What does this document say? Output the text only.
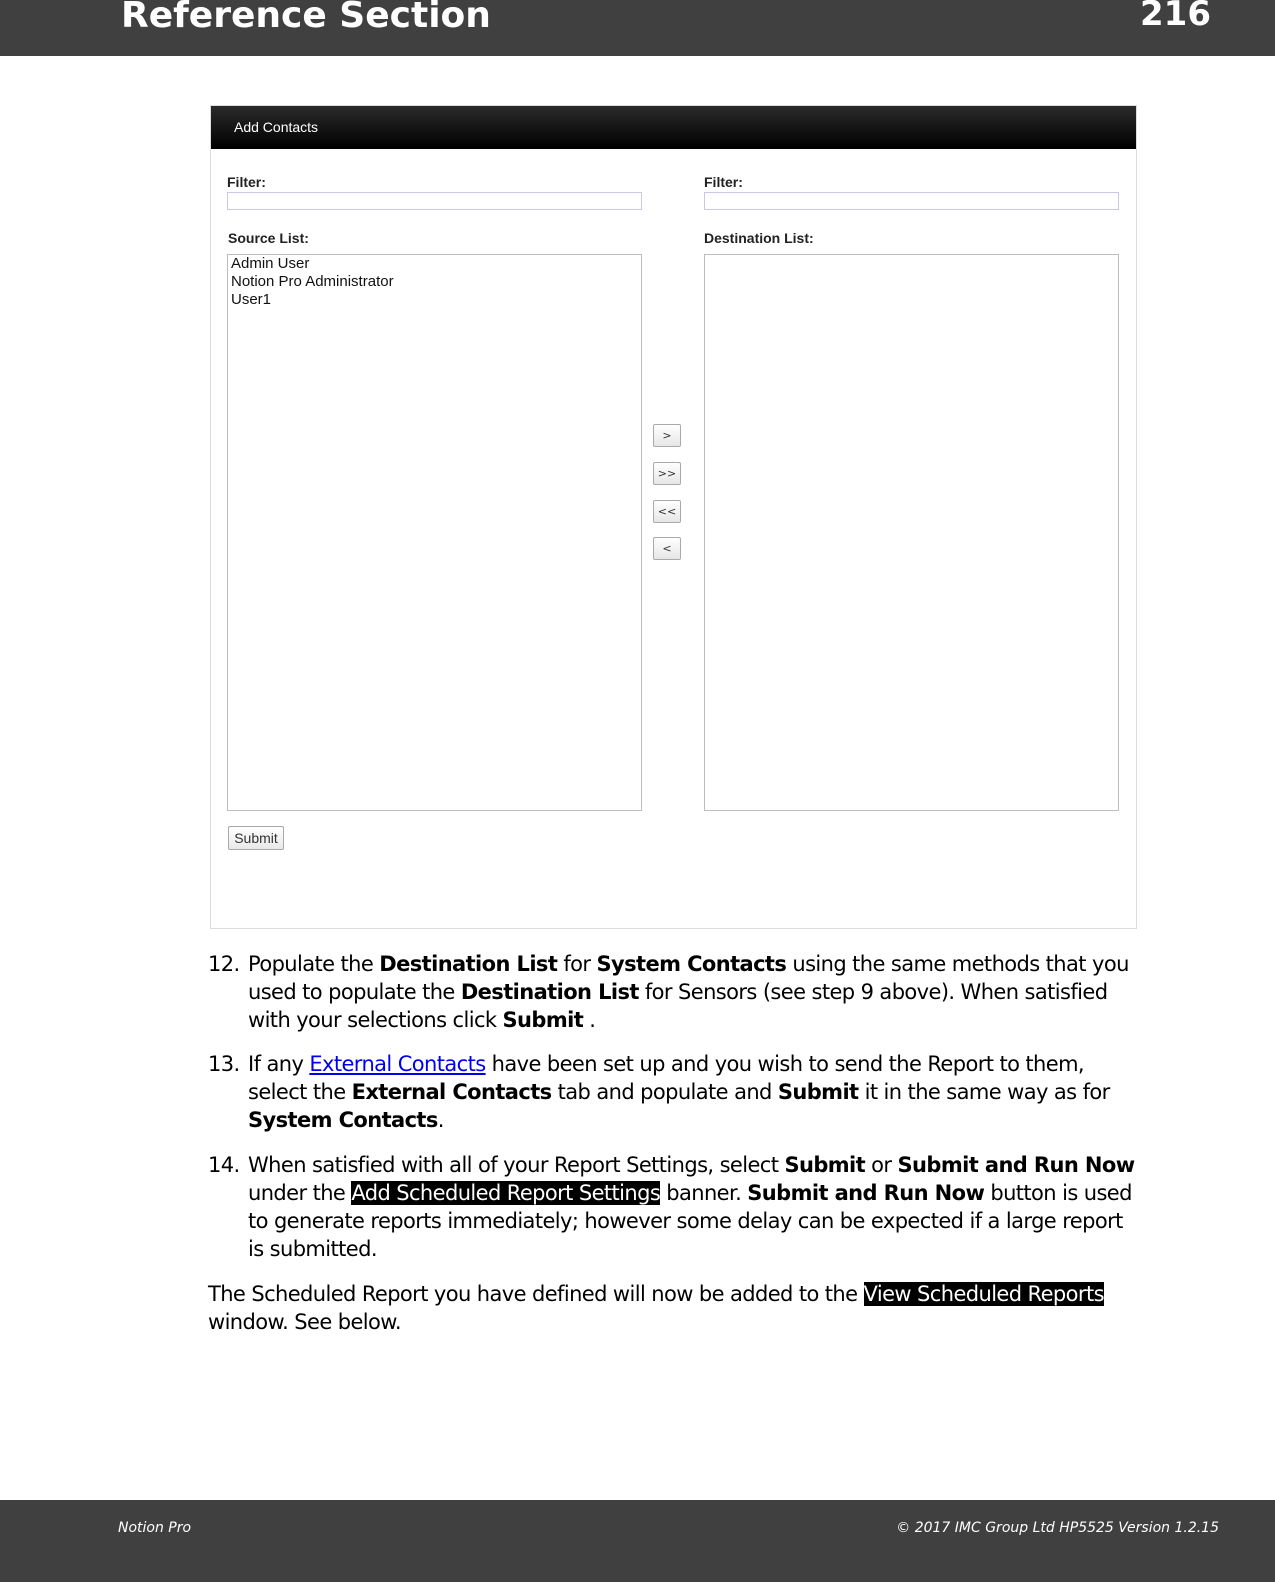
Reference Section	216
Add Contacts
Filter:	Filter:
Source List:	Destination List:
Admin User
Notion Pro Administrator
User1
>
>>
<<
<
Submit
12. Populate the Destination List for System Contacts using the same methods that you used to populate the Destination List for Sensors (see step 9 above). When satisfied with your selections click Submit .
13. If any External Contacts have been set up and you wish to send the Report to them, select the External Contacts tab and populate and Submit it in the same way as for System Contacts.
14. When satisfied with all of your Report Settings, select Submit or Submit and Run Now under the Add Scheduled Report Settings banner. Submit and Run Now button is used to generate reports immediately; however some delay can be expected if a large report is submitted.
The Scheduled Report you have defined will now be added to the View Scheduled Reports window. See below.
Notion Pro	© 2017 IMC Group Ltd HP5525 Version 1.2.15
